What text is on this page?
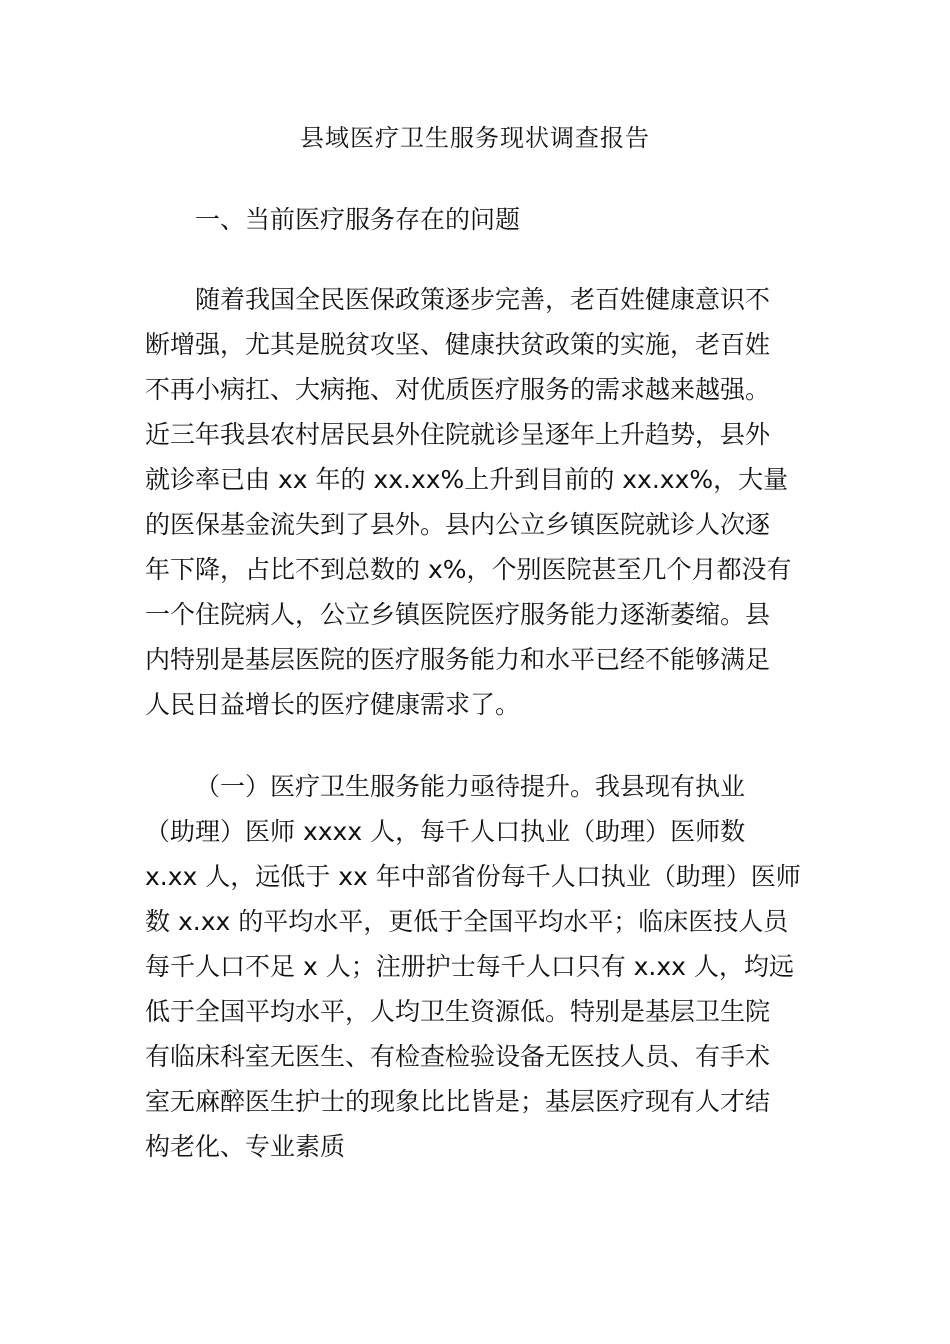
县域医疗卫生服务现状调查报告
一、当前医疗服务存在的问题

随着我国全民医保政策逐步完善，老百姓健康意识不
断增强，尤其是脱贫攻坚、健康扶贫政策的实施，老百姓
不再小病扛、大病拖、对优质医疗服务的需求越来越强。
近三年我县农村居民县外住院就诊呈逐年上升趋势，县外
就诊率已由 xx 年的 xx.xx%上升到目前的 xx.xx%，大量
的医保基金流失到了县外。县内公立乡镇医院就诊人次逐
年下降，占比不到总数的 x%，个别医院甚至几个月都没有
一个住院病人，公立乡镇医院医疗服务能力逐渐萎缩。县
内特别是基层医院的医疗服务能力和水平已经不能够满足
人民日益增长的医疗健康需求了。

（一）医疗卫生服务能力亟待提升。我县现有执业
（助理）医师 xxxx 人，每千人口执业（助理）医师数
x.xx 人，远低于 xx 年中部省份每千人口执业（助理）医师
数 x.xx 的平均水平，更低于全国平均水平；临床医技人员
每千人口不足 x 人；注册护士每千人口只有 x.xx 人，均远
低于全国平均水平，人均卫生资源低。特别是基层卫生院
有临床科室无医生、有检查检验设备无医技人员、有手术
室无麻醉医生护士的现象比比皆是；基层医疗现有人才结
构老化、专业素质
